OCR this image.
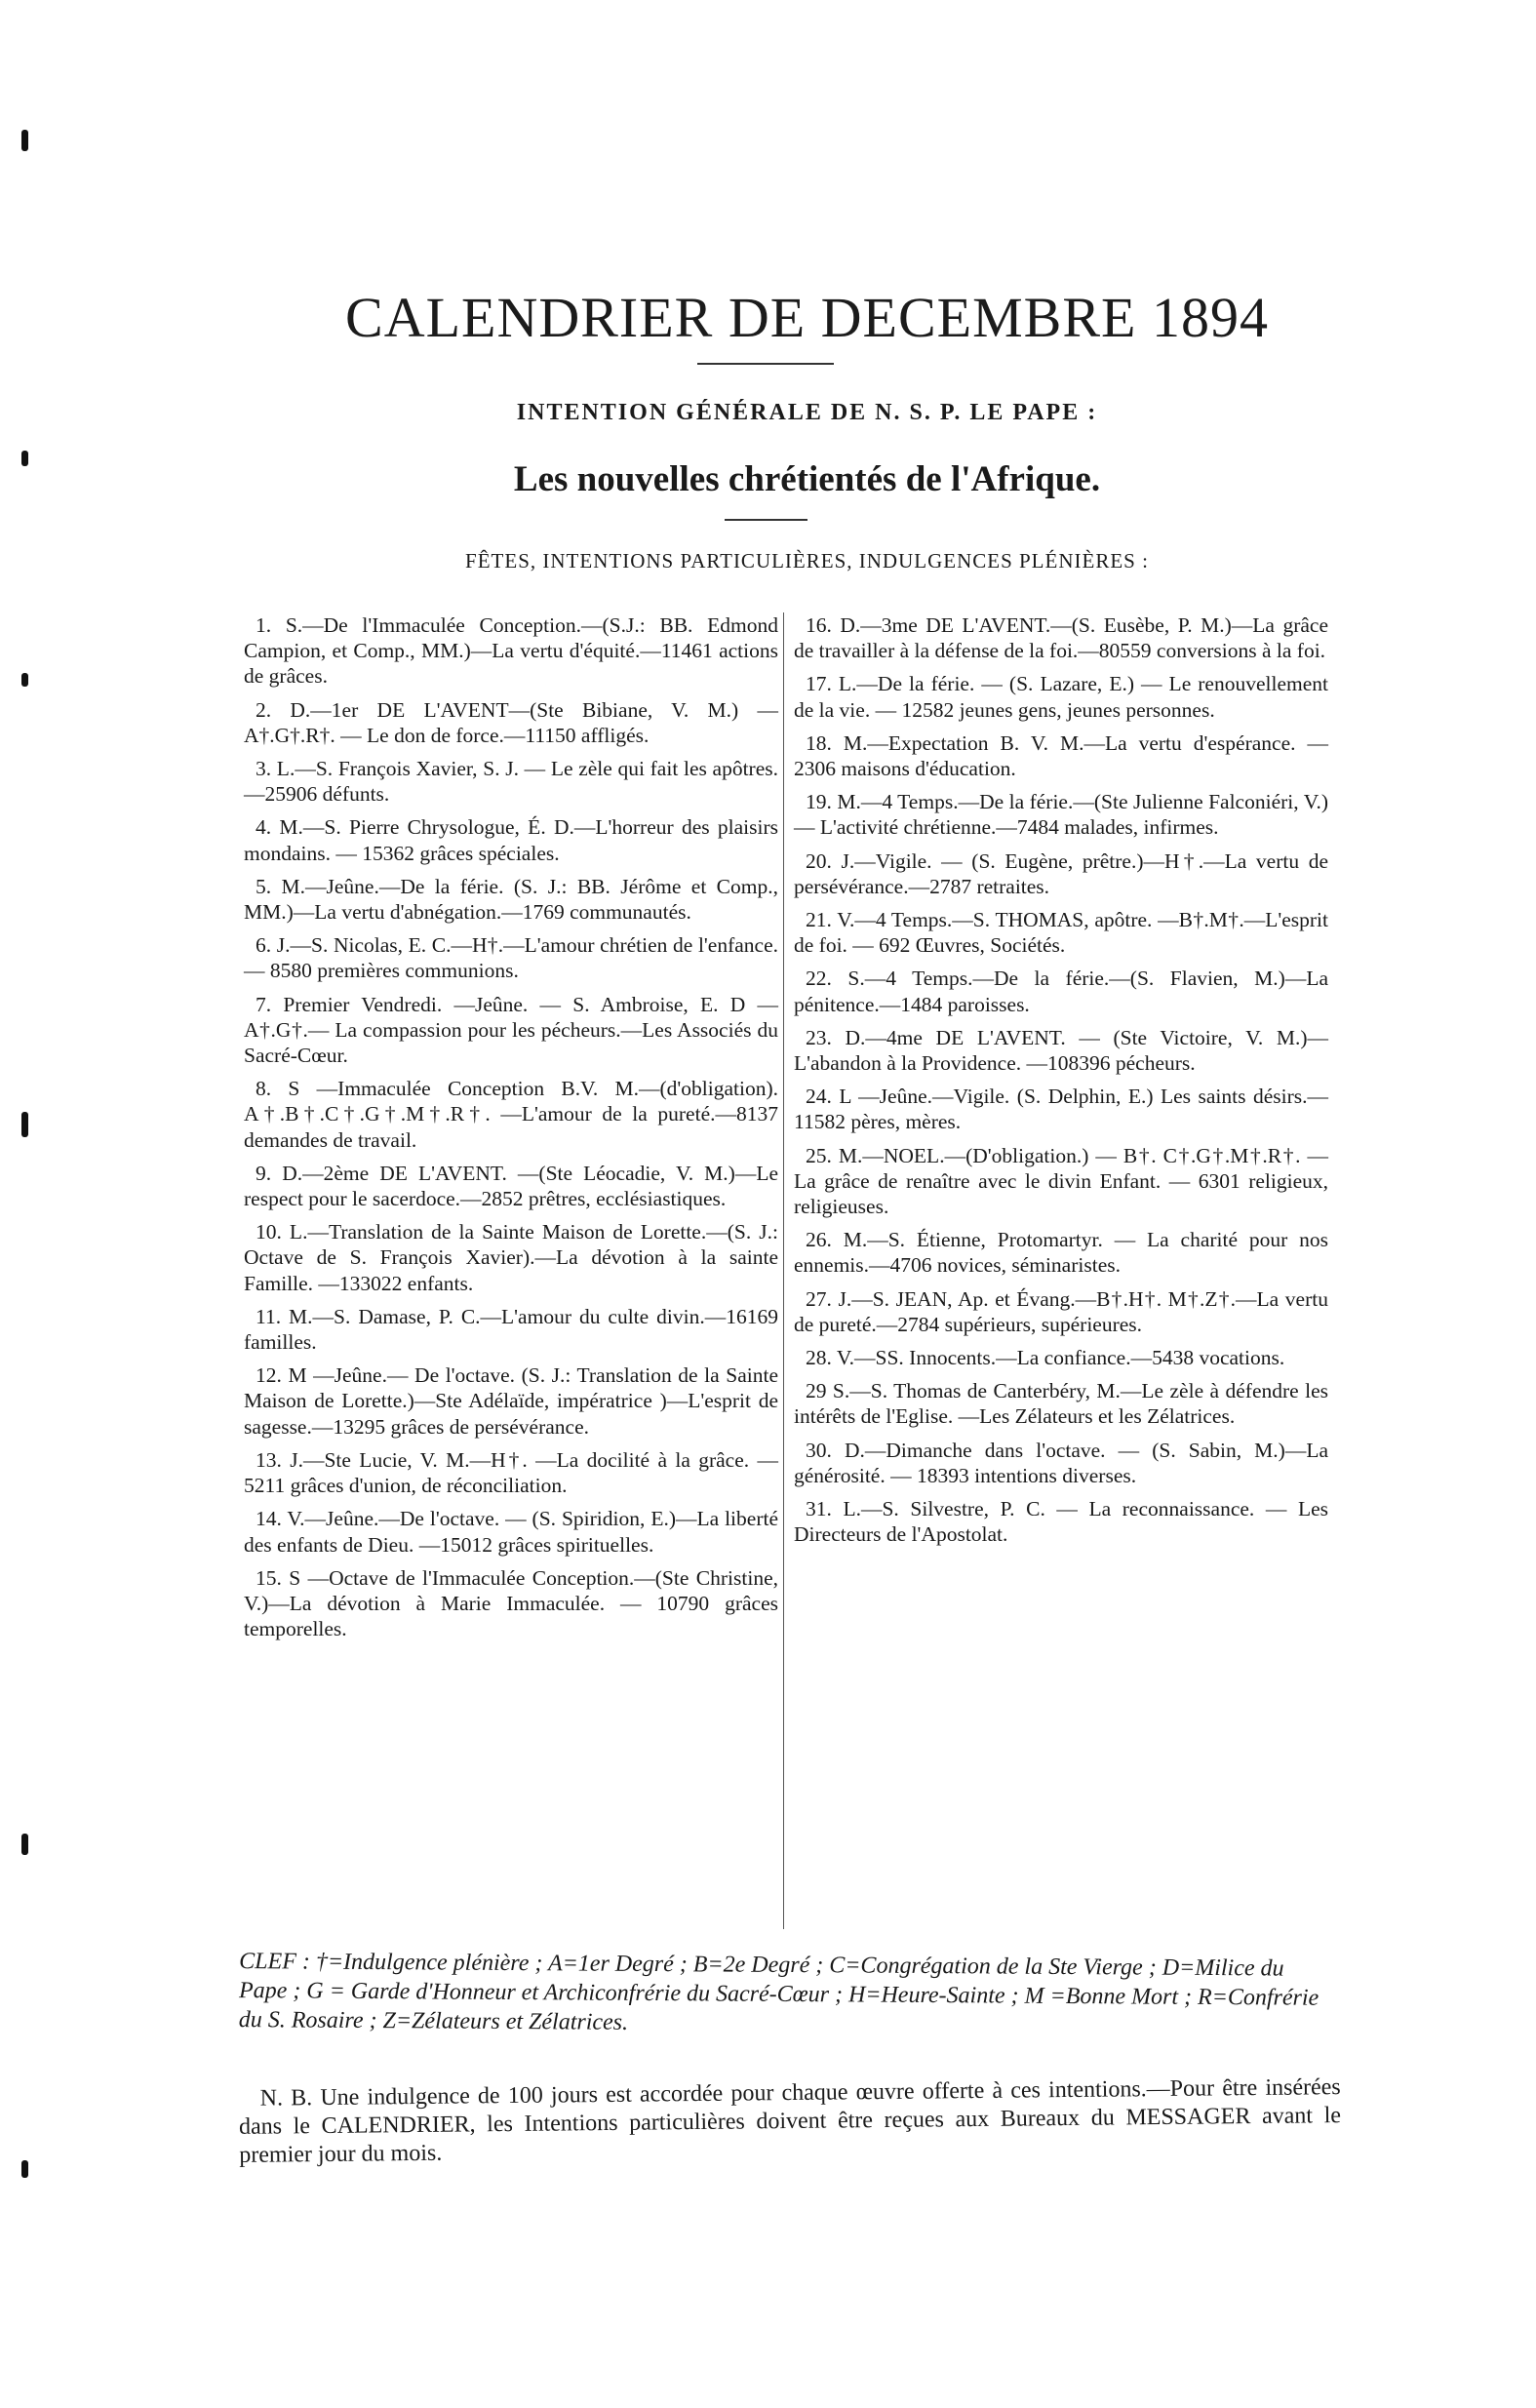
CALENDRIER DE DECEMBRE 1894
INTENTION GÉNÉRALE DE N. S. P. LE PAPE :
Les nouvelles chrétientés de l'Afrique.
FÊTES, INTENTIONS PARTICULIÈRES, INDULGENCES PLÉNIÈRES :

1. S.—De l'Immaculée Conception.—(S.J.: BB. Edmond Campion, et Comp., MM.)—La vertu d'équité.—11461 actions de grâces.

2. D.—1er DE L'AVENT—(Ste Bibiane, V. M.) — A†.G†.R†. — Le don de force.—11150 affligés.

3. L.—S. François Xavier, S. J. — Le zèle qui fait les apôtres.—25906 défunts.

4. M.—S. Pierre Chrysologue, É. D.—L'horreur des plaisirs mondains. — 15362 grâces spéciales.

5. M.—Jeûne.—De la férie. (S. J.: BB. Jérôme et Comp., MM.)—La vertu d'abnégation.—1769 communautés.

6. J.—S. Nicolas, E. C.—H†.—L'amour chrétien de l'enfance.— 8580 premières communions.

7. Premier Vendredi. —Jeûne. — S. Ambroise, E. D —A†.G†.— La compassion pour les pécheurs.—Les Associés du Sacré-Cœur.

8. S —Immaculée Conception B.V. M.—(d'obligation). A†.B†.C†.G†.M†.R†. —L'amour de la pureté.—8137 demandes de travail.

9. D.—2ème DE L'AVENT. —(Ste Léocadie, V. M.)—Le respect pour le sacerdoce.—2852 prêtres, ecclésiastiques.

10. L.—Translation de la Sainte Maison de Lorette.—(S. J.: Octave de S. François Xavier).—La dévotion à la sainte Famille. —133022 enfants.

11. M.—S. Damase, P. C.—L'amour du culte divin.—16169 familles.

12. M —Jeûne.— De l'octave. (S. J.: Translation de la Sainte Maison de Lorette.)—Ste Adélaïde, impératrice )—L'esprit de sagesse.—13295 grâces de persévérance.

13. J.—Ste Lucie, V. M.—H†. —La docilité à la grâce. — 5211 grâces d'union, de réconciliation.

14. V.—Jeûne.—De l'octave. — (S. Spiridion, E.)—La liberté des enfants de Dieu. —15012 grâces spirituelles.

15. S —Octave de l'Immaculée Conception.—(Ste Christine, V.)—La dévotion à Marie Immaculée. — 10790 grâces temporelles.

16. D.—3me DE L'AVENT.—(S. Eusèbe, P. M.)—La grâce de travailler à la défense de la foi.—80559 conversions à la foi.

17. L.—De la férie. — (S. Lazare, E.) — Le renouvellement de la vie. — 12582 jeunes gens, jeunes personnes.

18. M.—Expectation B. V. M.—La vertu d'espérance. — 2306 maisons d'éducation.

19. M.—4 Temps.—De la férie.—(Ste Julienne Falconiéri, V.) — L'activité chrétienne.—7484 malades, infirmes.

20. J.—Vigile. — (S. Eugène, prêtre.)—H†.—La vertu de persévérance.—2787 retraites.

21. V.—4 Temps.—S. THOMAS, apôtre. —B†.M†.—L'esprit de foi. — 692 Œuvres, Sociétés.

22. S.—4 Temps.—De la férie.—(S. Flavien, M.)—La pénitence.—1484 paroisses.

23. D.—4me DE L'AVENT. — (Ste Victoire, V. M.)—L'abandon à la Providence. —108396 pécheurs.

24. L —Jeûne.—Vigile. (S. Delphin, E.) Les saints désirs.—11582 pères, mères.

25. M.—NOEL.—(D'obligation.) — B†. C†.G†.M†.R†. — La grâce de renaître avec le divin Enfant. — 6301 religieux, religieuses.

26. M.—S. Étienne, Protomartyr. — La charité pour nos ennemis.—4706 novices, séminaristes.

27. J.—S. JEAN, Ap. et Évang.—B†.H†. M†.Z†.—La vertu de pureté.—2784 supérieurs, supérieures.

28. V.—SS. Innocents.—La confiance.—5438 vocations.

29 S.—S. Thomas de Canterbéry, M.—Le zèle à défendre les intérêts de l'Eglise. —Les Zélateurs et les Zélatrices.

30. D.—Dimanche dans l'octave. — (S. Sabin, M.)—La générosité. — 18393 intentions diverses.

31. L.—S. Silvestre, P. C. — La reconnaissance. — Les Directeurs de l'Apostolat.

CLEF : †=Indulgence plénière ; A=1er Degré ; B=2e Degré ; C=Congrégation de la Ste Vierge ; D=Milice du Pape ; G = Garde d'Honneur et Archiconfrérie du Sacré-Cœur ; H=Heure-Sainte ; M =Bonne Mort ; R=Confrérie du S. Rosaire ; Z=Zélateurs et Zélatrices.
N. B. Une indulgence de 100 jours est accordée pour chaque œuvre offerte à ces intentions.—Pour être insérées dans le CALENDRIER, les Intentions particulières doivent être reçues aux Bureaux du MESSAGER avant le premier jour du mois.
